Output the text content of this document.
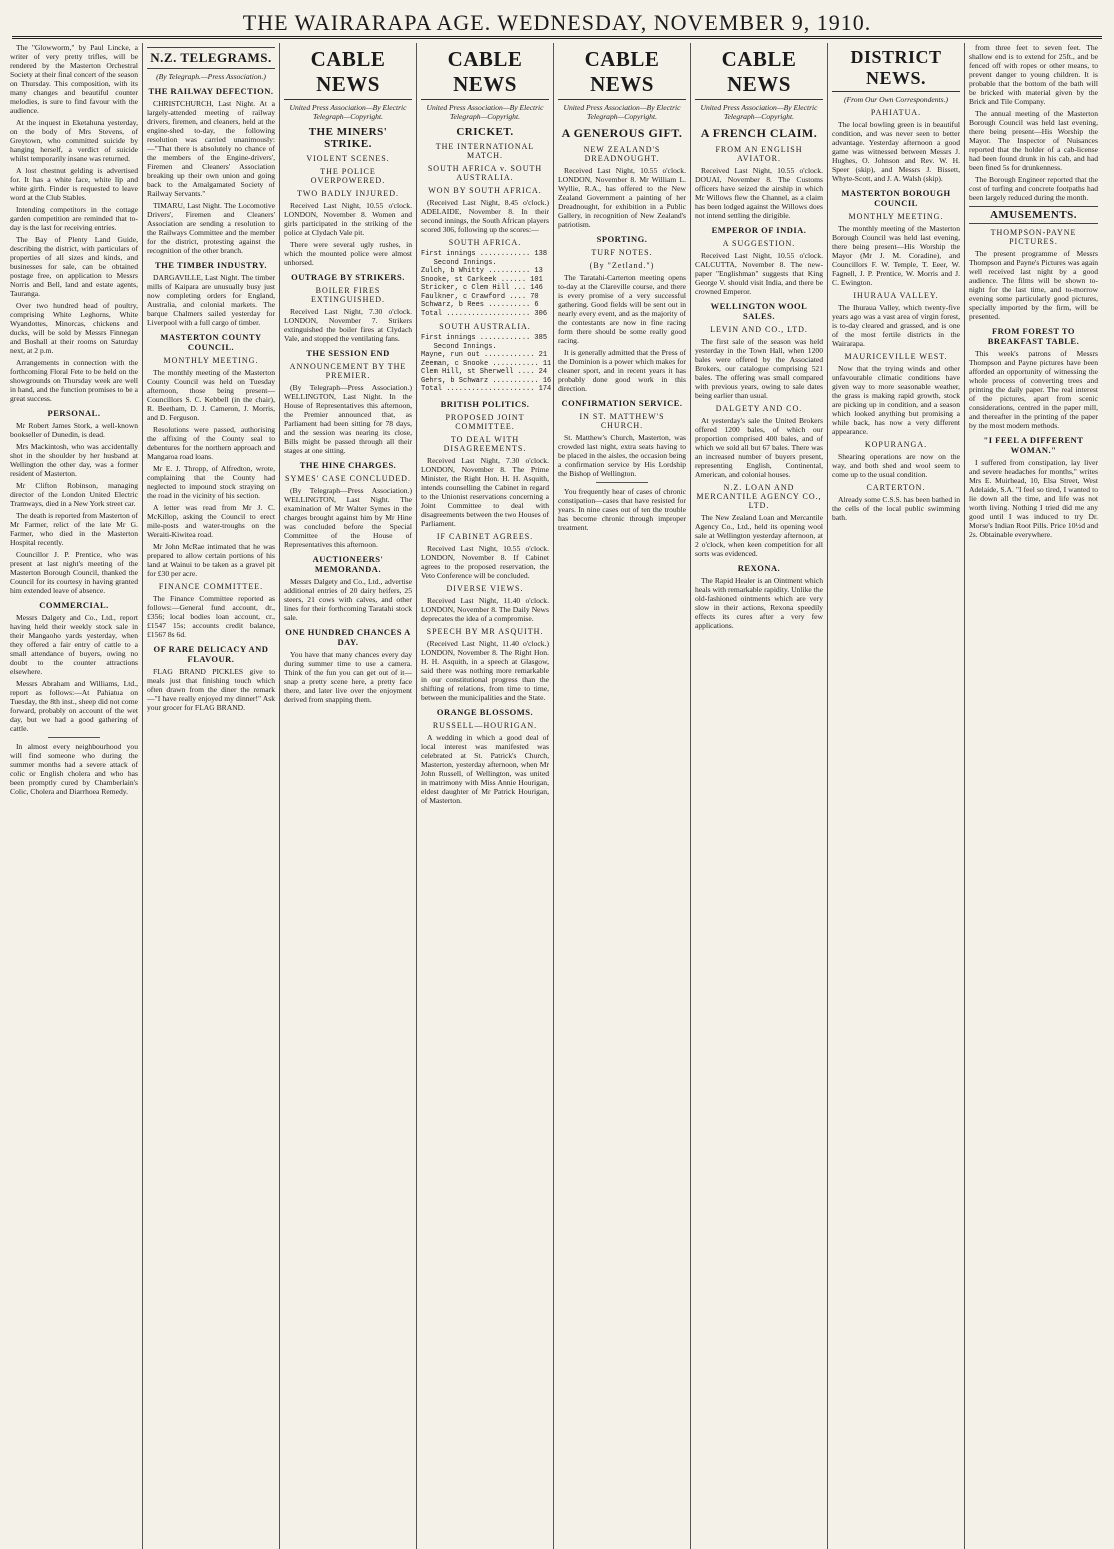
THE WAIRARAPA AGE. WEDNESDAY, NOVEMBER 9, 1910.

The "Glowworm," by Paul Lincke, a writer of very pretty trifles, will be rendered by the Masterton Orchestral Society at their final concert of the season on Thursday. This composition, with its many changes and beautiful counter melodies, is sure to find favour with the audience.

At the inquest in Eketahuna yesterday, on the body of Mrs Stevens, of Greytown, who committed suicide by hanging herself, a verdict of suicide whilst temporarily insane was returned.

A lost chestnut gelding is advertised for. It has a white face, white lip and white girth. Finder is requested to leave word at the Club Stables.

Intending competitors in the cottage garden competition are reminded that to-day is the last for receiving entries.

The Bay of Plenty Land Guide, describing the district, with particulars of properties of all sizes and kinds, and businesses for sale, can be obtained postage free, on application to Messrs Norris and Bell, land and estate agents, Tauranga.

Over two hundred head of poultry, comprising White Leghorns, White Wyandottes, Minorcas, chickens and ducks, will be sold by Messrs Finnegan and Boshall at their rooms on Saturday next, at 2 p.m.

Arrangements in connection with the forthcoming Floral Fete to be held on the showgrounds on Thursday week are well in hand, and the function promises to be a great success.

PERSONAL.

Mr Robert James Stork, a well-known bookseller of Dunedin, is dead.

Mrs Mackintosh, who was accidentally shot in the shoulder by her husband at Wellington the other day, was a former resident of Masterton.

Mr Clifton Robinson, managing director of the London United Electric Tramways, died in a New York street car.

The death is reported from Masterton of Mr Farmer, relict of the late Mr G. Farmer, who died in the Masterton Hospital recently.

Councillor J. P. Prentice, who was present at last night's meeting of the Masterton Borough Council, thanked the Council for its courtesy in having granted him extended leave of absence.

COMMERCIAL.

Messrs Dalgety and Co., Ltd., report having held their weekly stock sale in their Mangaoho yards yesterday, when they offered a fair entry of cattle to a small attendance of buyers, owing no doubt to the counter attractions elsewhere.

Messrs Abraham and Williams, Ltd., report as follows:—At Pahiatua on Tuesday, the 8th inst., sheep did not come forward, probably on account of the wet day, but we had a good gathering of cattle.

In almost every neighbourhood you will find someone who during the summer months had a severe attack of colic or English cholera and who has been promptly cured by Chamberlain's Colic, Cholera and Diarrhoea Remedy.

N.Z. TELEGRAMS.
(By Telegraph.—Press Association.)
THE RAILWAY DEFECTION.

CHRISTCHURCH, Last Night. At a largely-attended meeting of railway drivers, firemen, and cleaners, held at the engine-shed to-day, the following resolution was carried unanimously:—"That there is absolutely no chance of the members of the Engine-drivers', Firemen and Cleaners' Association breaking up their own union and going back to the Amalgamated Society of Railway Servants."

TIMARU, Last Night. The Locomotive Drivers', Firemen and Cleaners' Association are sending a resolution to the Railways Committee and the member for the district, protesting against the recognition of the other branch.

THE TIMBER INDUSTRY.

DARGAVILLE, Last Night. The timber mills of Kaipara are unusually busy just now completing orders for England, Australia, and colonial markets. The barque Chalmers sailed yesterday for Liverpool with a full cargo of timber.

MASTERTON COUNTY COUNCIL.
MONTHLY MEETING.

The monthly meeting of the Masterton County Council was held on Tuesday afternoon, those being present—Councillors S. C. Kebbell (in the chair), R. Beetham, D. J. Cameron, J. Morris, and D. Ferguson.

Resolutions were passed, authorising the affixing of the County seal to debentures for the northern approach and Mangaroa road loans.

Mr E. J. Thropp, of Alfredton, wrote, complaining that the County had neglected to impound stock straying on the road in the vicinity of his section.

A letter was read from Mr J. C. McKillop, asking the Council to erect mile-posts and water-troughs on the Weraiti-Kiwitea road.

Mr John McRae intimated that he was prepared to allow certain portions of his land at Wainui to be taken as a gravel pit for £30 per acre.

FINANCE COMMITTEE.

The Finance Committee reported as follows:—General fund account, dr., £356; local bodies loan account, cr., £1547 15s; accounts credit balance, £1567 8s 6d.

OF RARE DELICACY AND FLAVOUR.

FLAG BRAND PICKLES give to meals just that finishing touch which often drawn from the diner the remark—"I have really enjoyed my dinner!" Ask your grocer for FLAG BRAND.

CABLE NEWS
United Press Association—By Electric Telegraph—Copyright.
THE MINERS' STRIKE.
VIOLENT SCENES.
THE POLICE OVERPOWERED.
TWO BADLY INJURED.

Received Last Night, 10.55 o'clock. LONDON, November 8. Women and girls participated in the striking of the police at Clydach Vale pit.

There were several ugly rushes, in which the mounted police were almost unhorsed.

OUTRAGE BY STRIKERS.
BOILER FIRES EXTINGUISHED.

Received Last Night, 7.30 o'clock. LONDON, November 7. Strikers extinguished the boiler fires at Clydach Vale, and stopped the ventilating fans.

THE SESSION END
ANNOUNCEMENT BY THE PREMIER.

(By Telegraph—Press Association.) WELLINGTON, Last Night. In the House of Representatives this afternoon, the Premier announced that, as Parliament had been sitting for 78 days, and the session was nearing its close, Bills might be passed through all their stages at one sitting.

THE HINE CHARGES.
SYMES' CASE CONCLUDED.

(By Telegraph—Press Association.) WELLINGTON, Last Night. The examination of Mr Walter Symes in the charges brought against him by Mr Hine was concluded before the Special Committee of the House of Representatives this afternoon.

AUCTIONEERS' MEMORANDA.

Messrs Dalgety and Co., Ltd., advertise additional entries of 20 dairy heifers, 25 steers, 21 cows with calves, and other lines for their forthcoming Taratahi stock sale.

ONE HUNDRED CHANCES A DAY.

You have that many chances every day during summer time to use a camera. Think of the fun you can get out of it—snap a pretty scene here, a pretty face there, and later live over the enjoyment derived from snapping them.

CABLE NEWS
United Press Association—By Electric Telegraph—Copyright.
CRICKET.
THE INTERNATIONAL MATCH.
SOUTH AFRICA v. SOUTH AUSTRALIA.
WON BY SOUTH AFRICA.

(Received Last Night, 8.45 o'clock.) ADELAIDE, November 8. In their second innings, the South African players scored 306, following up the scores:—

SOUTH AFRICA.
First innings ............ 138
Second Innings.
Zulch, b Whitty .......... 13
Snooke, st Carkeek ...... 101
Stricker, c Clem Hill ... 146
Faulkner, c Crawford .... 70
Schwarz, b Rees .......... 6
Total .................... 306
SOUTH AUSTRALIA.
First innings ............ 385
Second Innings.
Mayne, run out ............ 21
Zeeman, c Snooke ........... 11
Clem Hill, st Sherwell .... 24
Gehrs, b Schwarz ........... 16
Total ..................... 174
BRITISH POLITICS.
PROPOSED JOINT COMMITTEE.
TO DEAL WITH DISAGREEMENTS.

Received Last Night, 7.30 o'clock. LONDON, November 8. The Prime Minister, the Right Hon. H. H. Asquith, intends counselling the Cabinet in regard to the Unionist reservations concerning a Joint Committee to deal with disagreements between the two Houses of Parliament.

IF CABINET AGREES.

Received Last Night, 10.55 o'clock. LONDON, November 8. If Cabinet agrees to the proposed reservation, the Veto Conference will be concluded.

DIVERSE VIEWS.

Received Last Night, 11.40 o'clock. LONDON, November 8. The Daily News deprecates the idea of a compromise.

SPEECH BY MR ASQUITH.

(Received Last Night, 11.40 o'clock.) LONDON, November 8. The Right Hon. H. H. Asquith, in a speech at Glasgow, said there was nothing more remarkable in our constitutional progress than the shifting of relations, from time to time, between the municipalities and the State.

ORANGE BLOSSOMS.
RUSSELL—HOURIGAN.

A wedding in which a good deal of local interest was manifested was celebrated at St. Patrick's Church, Masterton, yesterday afternoon, when Mr John Russell, of Wellington, was united in matrimony with Miss Annie Hourigan, eldest daughter of Mr Patrick Hourigan, of Masterton.

CABLE NEWS
United Press Association—By Electric Telegraph—Copyright.
A GENEROUS GIFT.
NEW ZEALAND'S DREADNOUGHT.

Received Last Night, 10.55 o'clock. LONDON, November 8. Mr William L. Wyllie, R.A., has offered to the New Zealand Government a painting of her Dreadnought, for exhibition in a Public Gallery, in recognition of New Zealand's patriotism.

SPORTING.
TURF NOTES.
(By "Zetland.")

The Taratahi-Carterton meeting opens to-day at the Clareville course, and there is every promise of a very successful gathering. Good fields will be sent out in nearly every event, and as the majority of the contestants are now in fine racing form there should be some really good racing.

It is generally admitted that the Press of the Dominion is a power which makes for cleaner sport, and in recent years it has probably done good work in this direction.

CONFIRMATION SERVICE.
IN ST. MATTHEW'S CHURCH.

St. Matthew's Church, Masterton, was crowded last night, extra seats having to be placed in the aisles, the occasion being a confirmation service by His Lordship the Bishop of Wellington.

You frequently hear of cases of chronic constipation—cases that have resisted for years. In nine cases out of ten the trouble has become chronic through improper treatment.

CABLE NEWS
United Press Association—By Electric Telegraph—Copyright.
A FRENCH CLAIM.
FROM AN ENGLISH AVIATOR.

Received Last Night, 10.55 o'clock. DOUAI, November 8. The Customs officers have seized the airship in which Mr Willows flew the Channel, as a claim has been lodged against the Willows does not intend settling the dirigible.

EMPEROR OF INDIA.
A SUGGESTION.

Received Last Night, 10.55 o'clock. CALCUTTA, November 8. The new-paper "Englishman" suggests that King George V. should visit India, and there be crowned Emperor.

WELLINGTON WOOL SALES.
LEVIN AND CO., LTD.

The first sale of the season was held yesterday in the Town Hall, when 1200 bales were offered by the Associated Brokers, our catalogue comprising 521 bales. The offering was small compared with previous years, owing to sale dates being earlier than usual.

DALGETY AND CO.

At yesterday's sale the United Brokers offered 1200 bales, of which our proportion comprised 400 bales, and of which we sold all but 67 bales. There was an increased number of buyers present, representing English, Continental, American, and colonial houses.

N.Z. LOAN AND MERCANTILE AGENCY CO., LTD.

The New Zealand Loan and Mercantile Agency Co., Ltd., held its opening wool sale at Wellington yesterday afternoon, at 2 o'clock, when keen competition for all sorts was evidenced.

REXONA.

The Rapid Healer is an Ointment which heals with remarkable rapidity. Unlike the old-fashioned ointments which are very slow in their actions, Rexona speedily effects its cures after a very few applications.

DISTRICT NEWS.
(From Our Own Correspondents.)
PAHIATUA.

The local bowling green is in beautiful condition, and was never seen to better advantage. Yesterday afternoon a good game was witnessed between Messrs J. Hughes, O. Johnson and Rev. W. H. Speer (skip), and Messrs J. Bissett, Whyte-Scott, and J. A. Walsh (skip).

MASTERTON BOROUGH COUNCIL
MONTHLY MEETING.

The monthly meeting of the Masterton Borough Council was held last evening, there being present—His Worship the Mayor (Mr J. M. Coradine), and Councillors F. W. Temple, T. Eeer, W. Fagnell, J. P. Prentice, W. Morris and J. C. Ewington.

IHURAUA VALLEY.

The Ihuraua Valley, which twenty-five years ago was a vast area of virgin forest, is to-day cleared and grassed, and is one of the most fertile districts in the Wairarapa.

MAURICEVILLE WEST.

Now that the trying winds and other unfavourable climatic conditions have given way to more seasonable weather, the grass is making rapid growth, stock are picking up in condition, and a season which looked anything but promising a while back, has now a very different appearance.

KOPURANGA.

Shearing operations are now on the way, and both shed and wool seem to come up to the usual condition.

CARTERTON.

Already some C.S.S. has been bathed in the cells of the local public swimming bath.

from three feet to seven feet. The shallow end is to extend for 25ft., and be fenced off with ropes or other means, to prevent danger to young children. It is probable that the bottom of the bath will be bricked with material given by the Brick and Tile Company.

The annual meeting of the Masterton Borough Council was held last evening, there being present—His Worship the Mayor. The Inspector of Nuisances reported that the holder of a cab-license had been found drunk in his cab, and had been fined 5s for drunkenness.

The Borough Engineer reported that the cost of turfing and concrete footpaths had been largely reduced during the month.

AMUSEMENTS.
THOMPSON-PAYNE PICTURES.

The present programme of Messrs Thompson and Payne's Pictures was again well received last night by a good audience. The films will be shown to-night for the last time, and to-morrow evening some particularly good pictures, specially imported by the firm, will be presented.

FROM FOREST TO BREAKFAST TABLE.

This week's patrons of Messrs Thompson and Payne pictures have been afforded an opportunity of witnessing the whole process of converting trees and printing the daily paper. The real interest of the pictures, apart from scenic considerations, centred in the paper mill, and thereafter in the printing of the paper by the most modern methods.

"I FEEL A DIFFERENT WOMAN."

I suffered from constipation, lay liver and severe headaches for months," writes Mrs E. Muirhead, 10, Elsa Street, West Adelaide, S.A. "I feel so tired, I wanted to lie down all the time, and life was not worth living. Nothing I tried did me any good until I was induced to try Dr. Morse's Indian Root Pills. Price 10½d and 2s. Obtainable everywhere.
